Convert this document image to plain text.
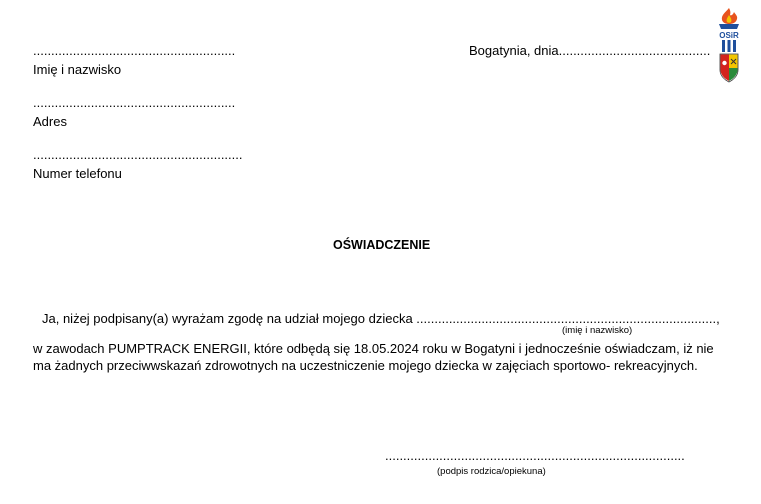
........................................................
Imię i nazwisko
........................................................
Adres
..........................................................
Numer telefonu
Bogatynia, dnia..........................................
OSiR
OŚWIADCZENIE
Ja, niżej podpisany(a) wyrażam zgodę na udział mojego dziecka ...................................................................................,
(imię i nazwisko)
w zawodach PUMPTRACK ENERGII, które odbędą się 18.05.2024 roku w Bogatyni i jednocześnie oświadczam, iż nie
ma żadnych przeciwwskazań zdrowotnych na uczestniczenie mojego dziecka w zajęciach sportowo- rekreacyjnych.
...................................................................................
(podpis rodzica/opiekuna)
